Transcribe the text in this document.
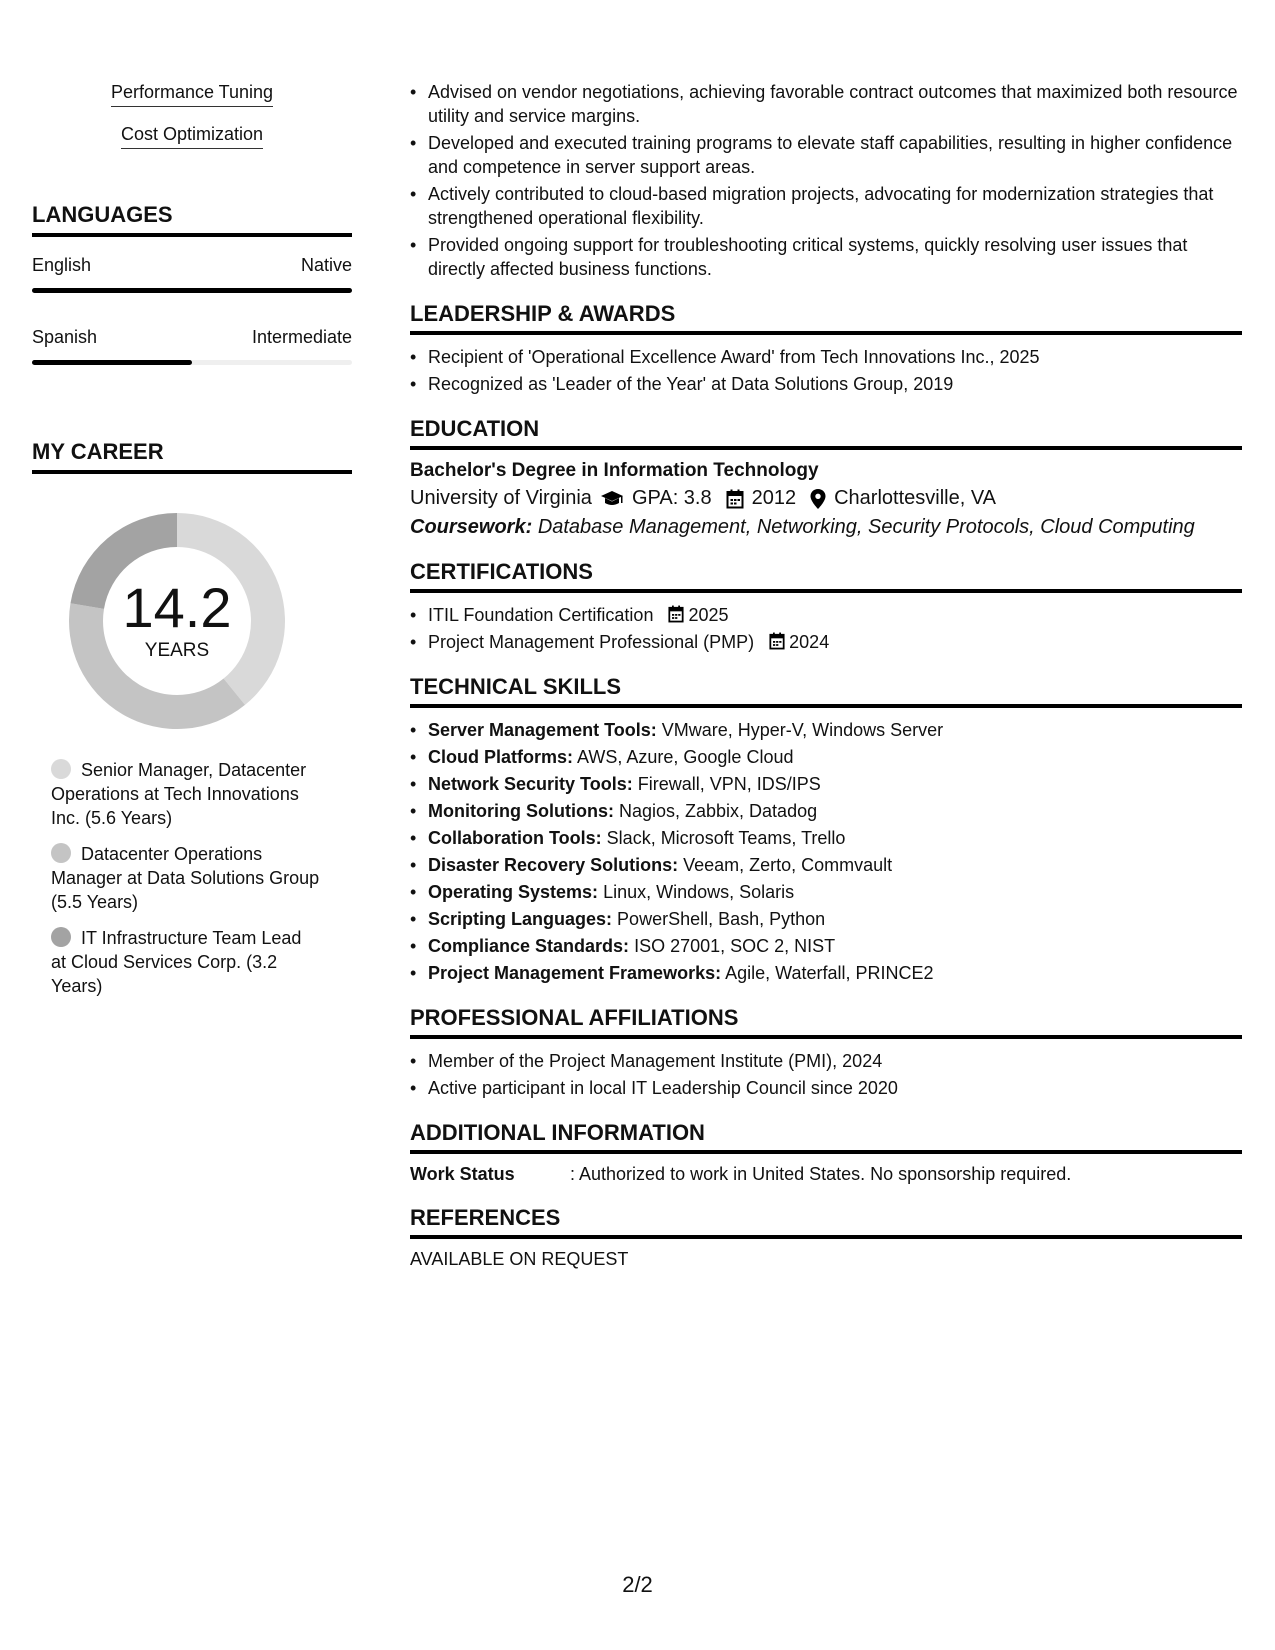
Performance Tuning
Cost Optimization
LANGUAGES
English	Native
Spanish	Intermediate
MY CAREER
14.2
YEARS
Senior Manager, Datacenter Operations at Tech Innovations Inc. (5.6 Years)
Datacenter Operations Manager at Data Solutions Group (5.5 Years)
IT Infrastructure Team Lead at Cloud Services Corp. (3.2 Years)
• Advised on vendor negotiations, achieving favorable contract outcomes that maximized both resource utility and service margins.
• Developed and executed training programs to elevate staff capabilities, resulting in higher confidence and competence in server support areas.
• Actively contributed to cloud-based migration projects, advocating for modernization strategies that strengthened operational flexibility.
• Provided ongoing support for troubleshooting critical systems, quickly resolving user issues that directly affected business functions.
LEADERSHIP & AWARDS
• Recipient of 'Operational Excellence Award' from Tech Innovations Inc., 2025
• Recognized as 'Leader of the Year' at Data Solutions Group, 2019
EDUCATION
Bachelor's Degree in Information Technology
University of Virginia GPA: 3.8 2012 Charlottesville, VA
Coursework: Database Management, Networking, Security Protocols, Cloud Computing
CERTIFICATIONS
• ITIL Foundation Certification 2025
• Project Management Professional (PMP) 2024
TECHNICAL SKILLS
• Server Management Tools: VMware, Hyper-V, Windows Server
• Cloud Platforms: AWS, Azure, Google Cloud
• Network Security Tools: Firewall, VPN, IDS/IPS
• Monitoring Solutions: Nagios, Zabbix, Datadog
• Collaboration Tools: Slack, Microsoft Teams, Trello
• Disaster Recovery Solutions: Veeam, Zerto, Commvault
• Operating Systems: Linux, Windows, Solaris
• Scripting Languages: PowerShell, Bash, Python
• Compliance Standards: ISO 27001, SOC 2, NIST
• Project Management Frameworks: Agile, Waterfall, PRINCE2
PROFESSIONAL AFFILIATIONS
• Member of the Project Management Institute (PMI), 2024
• Active participant in local IT Leadership Council since 2020
ADDITIONAL INFORMATION
Work Status	: Authorized to work in United States. No sponsorship required.
REFERENCES
AVAILABLE ON REQUEST
2/2
